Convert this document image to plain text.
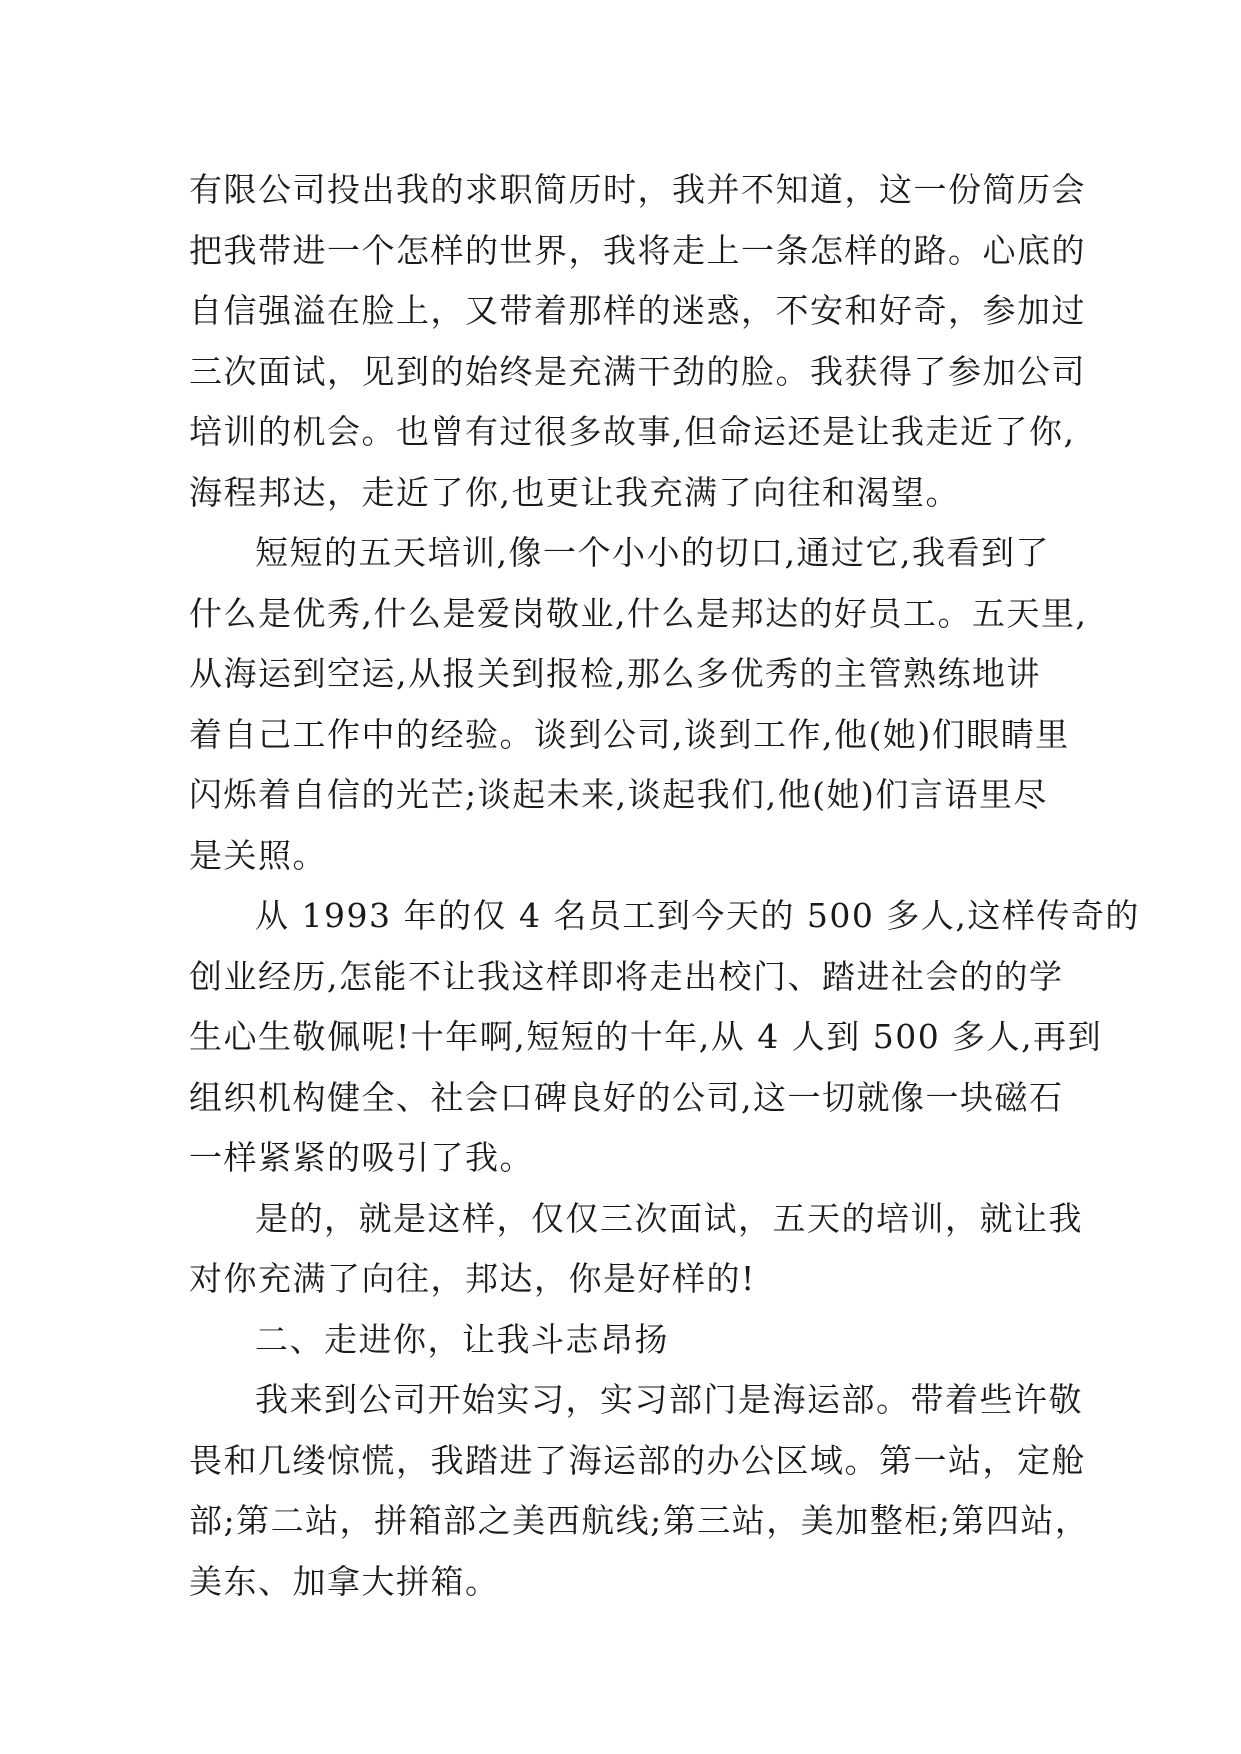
有限公司投出我的求职简历时，我并不知道，这一份简历会
把我带进一个怎样的世界，我将走上一条怎样的路。心底的
自信强溢在脸上，又带着那样的迷惑，不安和好奇，参加过
三次面试，见到的始终是充满干劲的脸。我获得了参加公司
培训的机会。也曾有过很多故事,但命运还是让我走近了你,
海程邦达，走近了你,也更让我充满了向往和渴望。
短短的五天培训,像一个小小的切口,通过它,我看到了
什么是优秀,什么是爱岗敬业,什么是邦达的好员工。五天里,
从海运到空运,从报关到报检,那么多优秀的主管熟练地讲
着自己工作中的经验。谈到公司,谈到工作,他(她)们眼睛里
闪烁着自信的光芒;谈起未来,谈起我们,他(她)们言语里尽
是关照。
从 1993 年的仅 4 名员工到今天的 500 多人,这样传奇的
创业经历,怎能不让我这样即将走出校门、踏进社会的的学
生心生敬佩呢!十年啊,短短的十年,从 4 人到 500 多人,再到
组织机构健全、社会口碑良好的公司,这一切就像一块磁石
一样紧紧的吸引了我。
是的，就是这样，仅仅三次面试，五天的培训，就让我
对你充满了向往，邦达，你是好样的!
二、走进你，让我斗志昂扬
我来到公司开始实习，实习部门是海运部。带着些许敬
畏和几缕惊慌，我踏进了海运部的办公区域。第一站，定舱
部;第二站，拼箱部之美西航线;第三站，美加整柜;第四站，
美东、加拿大拼箱。
